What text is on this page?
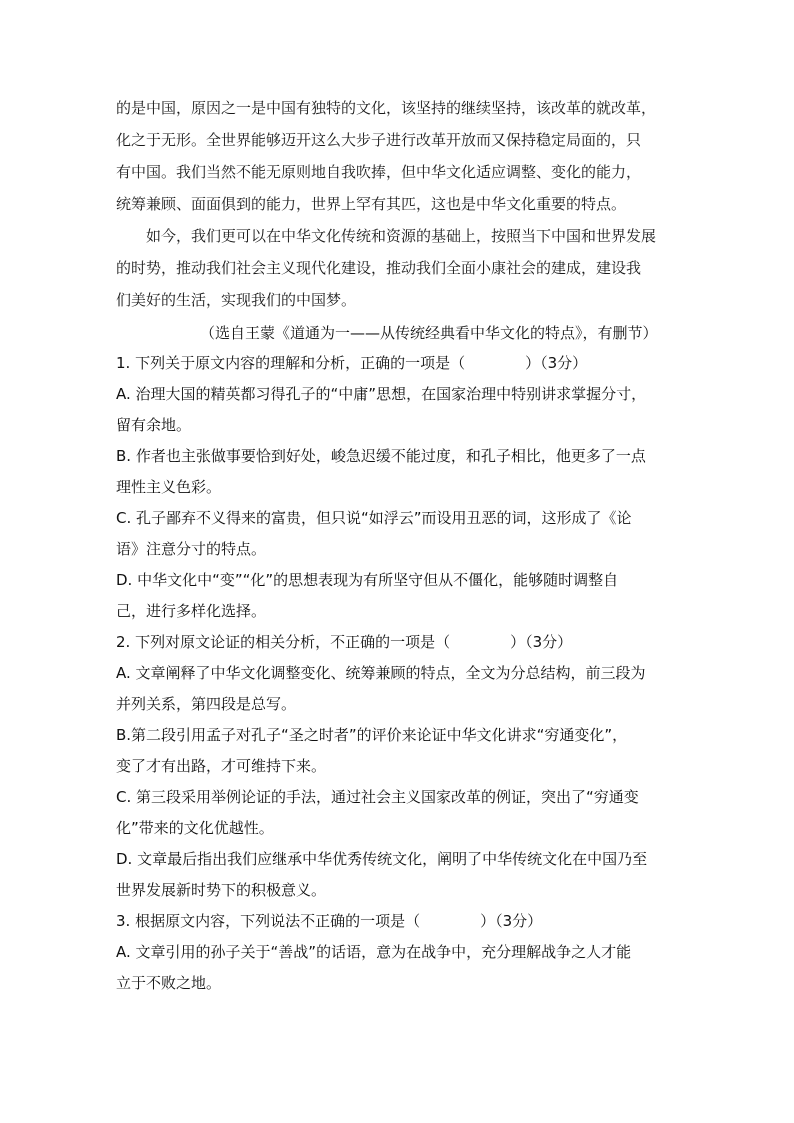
的是中国，原因之一是中国有独特的文化，该坚持的继续坚持，该改革的就改革，

化之于无形。全世界能够迈开这么大步子进行改革开放而又保持稳定局面的，只

有中国。我们当然不能无原则地自我吹捧，但中华文化适应调整、变化的能力，

统筹兼顾、面面俱到的能力，世界上罕有其匹，这也是中华文化重要的特点。

如今，我们更可以在中华文化传统和资源的基础上，按照当下中国和世界发展

的时势，推动我们社会主义现代化建设，推动我们全面小康社会的建成，建设我

们美好的生活，实现我们的中国梦。

（选自王蒙《道通为一——从传统经典看中华文化的特点》，有删节）

1. 下列关于原文内容的理解和分析，正确的一项是（　　　　）（3分）

A. 治理大国的精英都习得孔子的“中庸”思想，在国家治理中特别讲求掌握分寸，

留有余地。

B. 作者也主张做事要恰到好处，峻急迟缓不能过度，和孔子相比，他更多了一点

理性主义色彩。

C. 孔子鄙弃不义得来的富贵，但只说“如浮云”而设用丑恶的词，这形成了《论

语》注意分寸的特点。

D. 中华文化中“变”“化”的思想表现为有所坚守但从不僵化，能够随时调整自

己，进行多样化选择。

2. 下列对原文论证的相关分析，不正确的一项是（　　　　）（3分）

A. 文章阐释了中华文化调整变化、统筹兼顾的特点，全文为分总结构，前三段为

并列关系，第四段是总写。

B.第二段引用孟子对孔子“圣之时者”的评价来论证中华文化讲求“穷通变化”，

变了才有出路，才可维持下来。

C. 第三段采用举例论证的手法，通过社会主义国家改革的例证，突出了“穷通变

化”带来的文化优越性。

D. 文章最后指出我们应继承中华优秀传统文化，阐明了中华传统文化在中国乃至

世界发展新时势下的积极意义。

3. 根据原文内容，下列说法不正确的一项是（　　　　）（3分）

A. 文章引用的孙子关于“善战”的话语，意为在战争中，充分理解战争之人才能

立于不败之地。
